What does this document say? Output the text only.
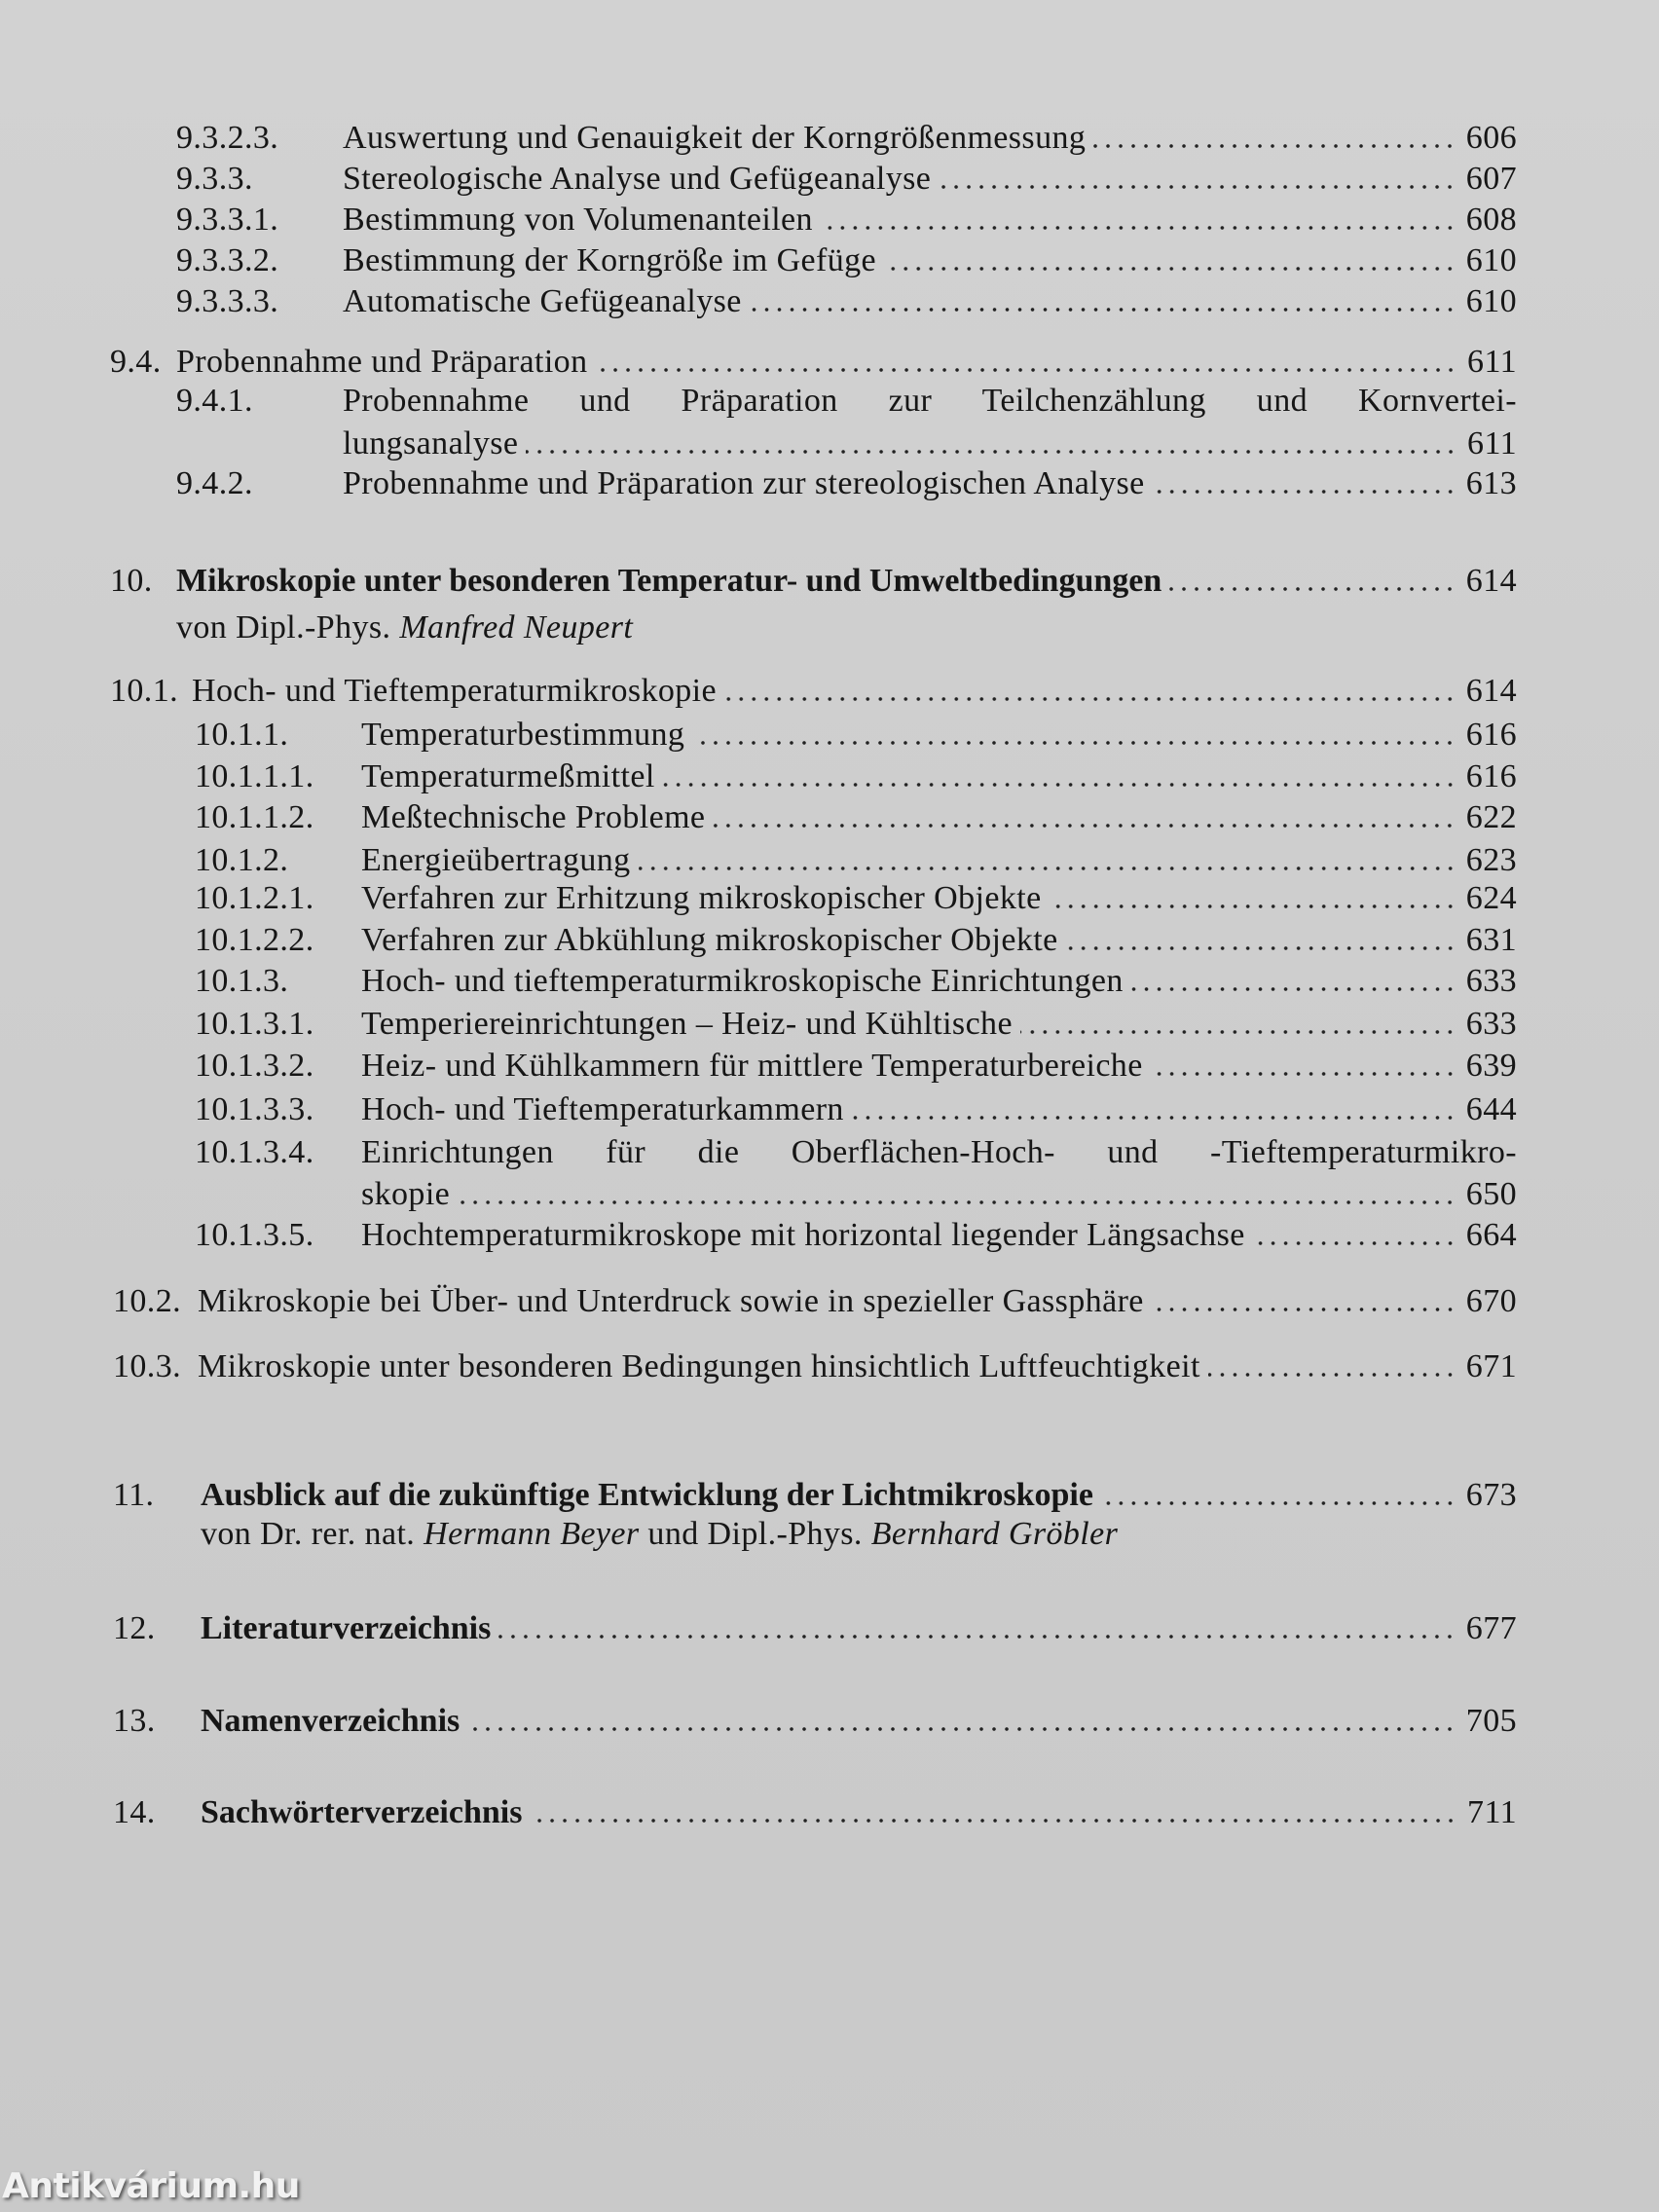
9.3.2.3.	Auswertung und Genauigkeit der Korngrößenmessung	606
9.3.3.	Stereologische Analyse und Gefügeanalyse	607
9.3.3.1.	Bestimmung von Volumenanteilen	608
9.3.3.2.	Bestimmung der Korngröße im Gefüge	610
9.3.3.3.	Automatische Gefügeanalyse	610
9.4. Probennahme und Präparation	611
9.4.1.	Probennahme und Präparation zur Teilchenzählung und Kornvertei-
lungsanalyse	611
9.4.2.	Probennahme und Präparation zur stereologischen Analyse	613
10. Mikroskopie unter besonderen Temperatur- und Umweltbedingungen	614
von Dipl.-Phys.
Manfred Neupert
10.1. Hoch- und Tieftemperaturmikroskopie	614
10.1.1.	Temperaturbestimmung	616
10.1.1.1.	Temperaturmeßmittel	616
10.1.1.2.	Meßtechnische Probleme	622
10.1.2.	Energieübertragung	623
10.1.2.1.	Verfahren zur Erhitzung mikroskopischer Objekte	624
10.1.2.2.	Verfahren zur Abkühlung mikroskopischer Objekte	631
10.1.3.	Hoch- und tieftemperaturmikroskopische Einrichtungen	633
10.1.3.1.	Temperiereinrichtungen – Heiz- und Kühltische	633
10.1.3.2.	Heiz- und Kühlkammern für mittlere Temperaturbereiche	639
10.1.3.3.	Hoch- und Tieftemperaturkammern	644
10.1.3.4.	Einrichtungen für die Oberflächen-Hoch- und -Tieftemperaturmikro-
skopie	650
10.1.3.5.	Hochtemperaturmikroskope mit horizontal liegender Längsachse	664
10.2. Mikroskopie bei Über- und Unterdruck sowie in spezieller Gassphäre	670
10.3. Mikroskopie unter besonderen Bedingungen hinsichtlich Luftfeuchtigkeit	671
11.	Ausblick auf die zukünftige Entwicklung der Lichtmikroskopie	673
von Dr. rer. nat.
Hermann Beyer
und Dipl.-Phys.
Bernhard Gröbler
12.	Literaturverzeichnis	677
13.	Namenverzeichnis	705
14.	Sachwörterverzeichnis	711
Antikvárium.hu
